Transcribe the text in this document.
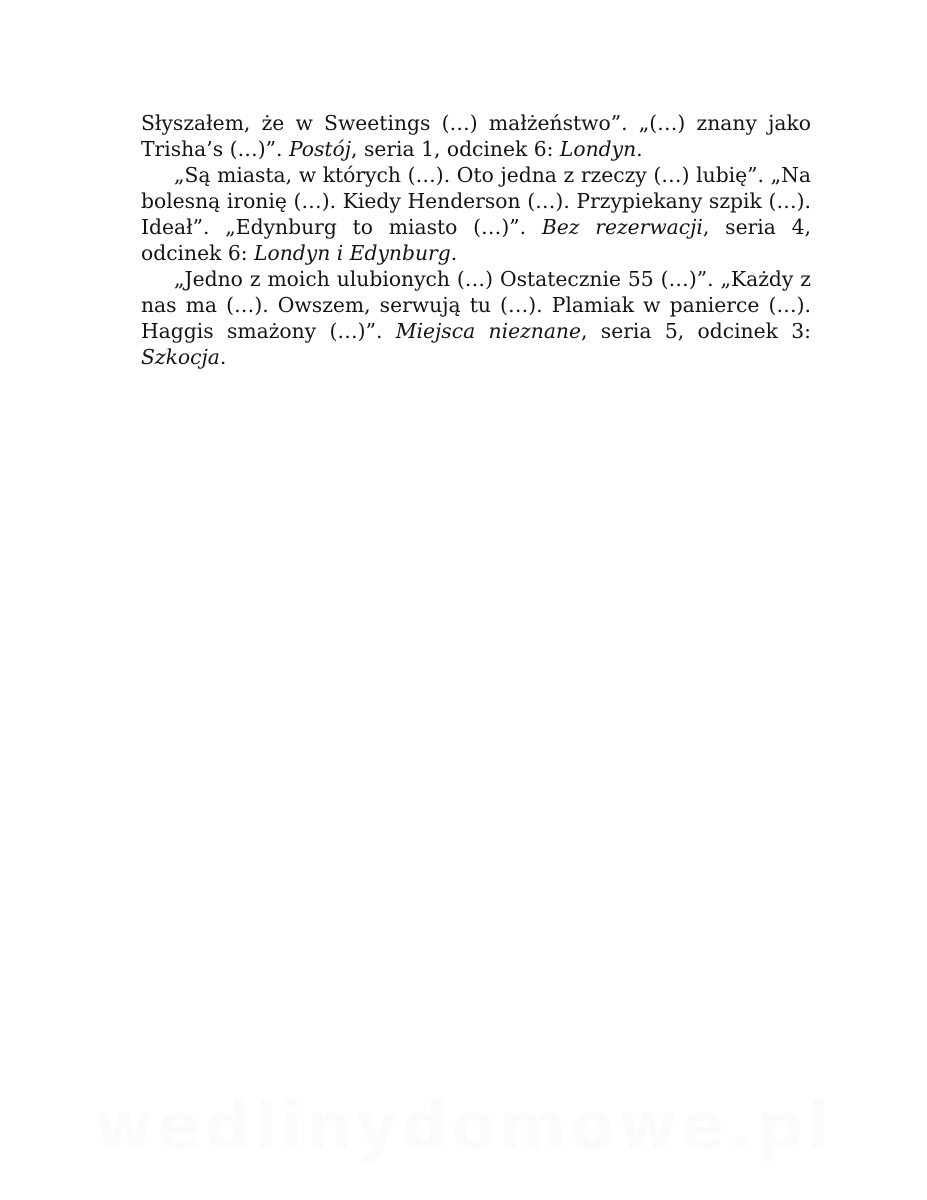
Słyszałem, że w Sweetings (…) małżeństwo”. „(…) znany jako Trisha’s (…)”. Postój, seria 1, odcinek 6: Londyn.

„Są miasta, w których (…). Oto jedna z rzeczy (…) lubię”. „Na bolesną ironię (…). Kiedy Henderson (…). Przypiekany szpik (…). Ideał”. „Edynburg to miasto (…)”. Bez rezerwacji, seria 4, odcinek 6: Londyn i Edynburg.

„Jedno z moich ulubionych (…) Ostatecznie 55 (…)”. „Każdy z nas ma (…). Owszem, serwują tu (…). Plamiak w panierce (…). Haggis smażony (…)”. Miejsca nieznane, seria 5, odcinek 3: Szkocja.

wedlinydomowe.pl
